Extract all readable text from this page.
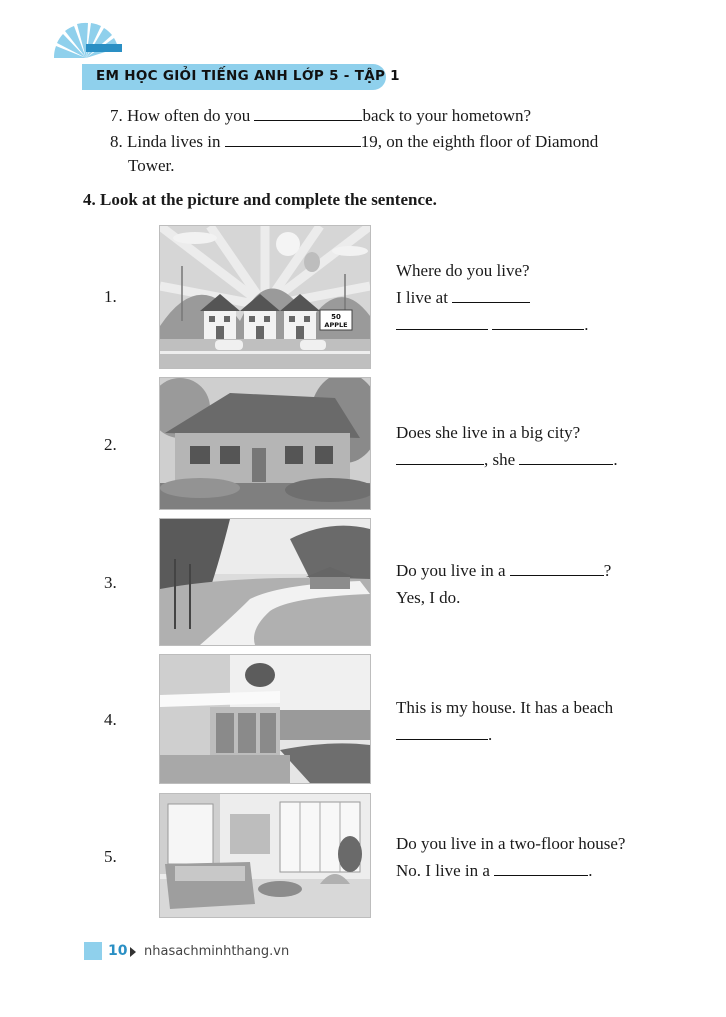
EM HỌC GIỎI TIẾNG ANH LỚP 5 - TẬP 1
7. How often do you	back to your hometown?
8. Linda lives in	19, on the eighth floor of Diamond
Tower.
4. Look at the picture and complete the sentence.
1.
50
APPLE
Where do you live?
I live at
.
2.
Does she live in a big city?
, she	.
3.
Do you live in a	?
Yes, I do.
4.
This is my house. It has a beach
.
5.
Do you live in a two-floor house?
No. I live in a	.
10 nhasachminhthang.vn
